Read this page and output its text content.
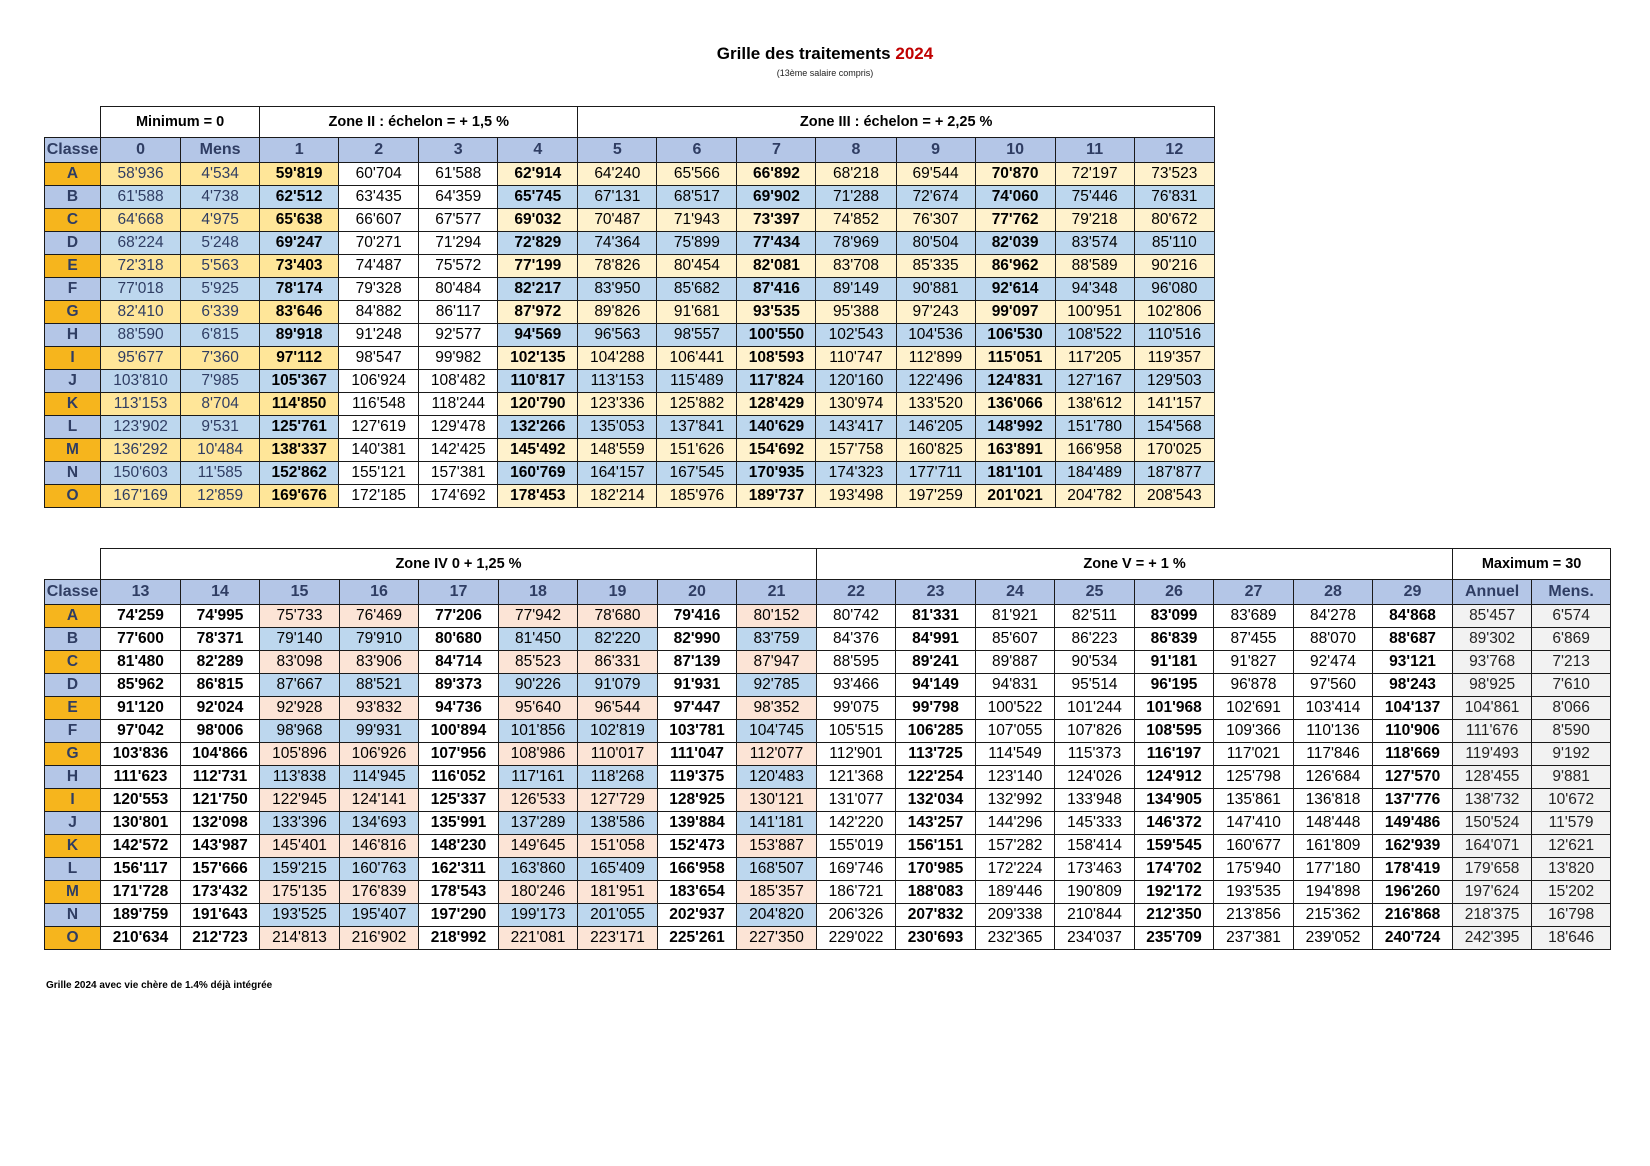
Grille des traitements 2024
(13ème salaire compris)
	Minimum = 0		Zone II : échelon = + 1,5 %				Zone III : échelon = + 2,25 %							
Classe	0	Mens	1	2	3	4	5	6	7	8	9	10	11	12
A	58'936	4'534	59'819	60'704	61'588	62'914	64'240	65'566	66'892	68'218	69'544	70'870	72'197	73'523
B	61'588	4'738	62'512	63'435	64'359	65'745	67'131	68'517	69'902	71'288	72'674	74'060	75'446	76'831
C	64'668	4'975	65'638	66'607	67'577	69'032	70'487	71'943	73'397	74'852	76'307	77'762	79'218	80'672
D	68'224	5'248	69'247	70'271	71'294	72'829	74'364	75'899	77'434	78'969	80'504	82'039	83'574	85'110
E	72'318	5'563	73'403	74'487	75'572	77'199	78'826	80'454	82'081	83'708	85'335	86'962	88'589	90'216
F	77'018	5'925	78'174	79'328	80'484	82'217	83'950	85'682	87'416	89'149	90'881	92'614	94'348	96'080
G	82'410	6'339	83'646	84'882	86'117	87'972	89'826	91'681	93'535	95'388	97'243	99'097	100'951	102'806
H	88'590	6'815	89'918	91'248	92'577	94'569	96'563	98'557	100'550	102'543	104'536	106'530	108'522	110'516
I	95'677	7'360	97'112	98'547	99'982	102'135	104'288	106'441	108'593	110'747	112'899	115'051	117'205	119'357
J	103'810	7'985	105'367	106'924	108'482	110'817	113'153	115'489	117'824	120'160	122'496	124'831	127'167	129'503
K	113'153	8'704	114'850	116'548	118'244	120'790	123'336	125'882	128'429	130'974	133'520	136'066	138'612	141'157
L	123'902	9'531	125'761	127'619	129'478	132'266	135'053	137'841	140'629	143'417	146'205	148'992	151'780	154'568
M	136'292	10'484	138'337	140'381	142'425	145'492	148'559	151'626	154'692	157'758	160'825	163'891	166'958	170'025
N	150'603	11'585	152'862	155'121	157'381	160'769	164'157	167'545	170'935	174'323	177'711	181'101	184'489	187'877
O	167'169	12'859	169'676	172'185	174'692	178'453	182'214	185'976	189'737	193'498	197'259	201'021	204'782	208'543
	Zone IV 0 + 1,25 %									Zone V = + 1 %								Maximum = 30	
Classe	13	14	15	16	17	18	19	20	21	22	23	24	25	26	27	28	29	Annuel	Mens.
A	74'259	74'995	75'733	76'469	77'206	77'942	78'680	79'416	80'152	80'742	81'331	81'921	82'511	83'099	83'689	84'278	84'868	85'457	6'574
B	77'600	78'371	79'140	79'910	80'680	81'450	82'220	82'990	83'759	84'376	84'991	85'607	86'223	86'839	87'455	88'070	88'687	89'302	6'869
C	81'480	82'289	83'098	83'906	84'714	85'523	86'331	87'139	87'947	88'595	89'241	89'887	90'534	91'181	91'827	92'474	93'121	93'768	7'213
D	85'962	86'815	87'667	88'521	89'373	90'226	91'079	91'931	92'785	93'466	94'149	94'831	95'514	96'195	96'878	97'560	98'243	98'925	7'610
E	91'120	92'024	92'928	93'832	94'736	95'640	96'544	97'447	98'352	99'075	99'798	100'522	101'244	101'968	102'691	103'414	104'137	104'861	8'066
F	97'042	98'006	98'968	99'931	100'894	101'856	102'819	103'781	104'745	105'515	106'285	107'055	107'826	108'595	109'366	110'136	110'906	111'676	8'590
G	103'836	104'866	105'896	106'926	107'956	108'986	110'017	111'047	112'077	112'901	113'725	114'549	115'373	116'197	117'021	117'846	118'669	119'493	9'192
H	111'623	112'731	113'838	114'945	116'052	117'161	118'268	119'375	120'483	121'368	122'254	123'140	124'026	124'912	125'798	126'684	127'570	128'455	9'881
I	120'553	121'750	122'945	124'141	125'337	126'533	127'729	128'925	130'121	131'077	132'034	132'992	133'948	134'905	135'861	136'818	137'776	138'732	10'672
J	130'801	132'098	133'396	134'693	135'991	137'289	138'586	139'884	141'181	142'220	143'257	144'296	145'333	146'372	147'410	148'448	149'486	150'524	11'579
K	142'572	143'987	145'401	146'816	148'230	149'645	151'058	152'473	153'887	155'019	156'151	157'282	158'414	159'545	160'677	161'809	162'939	164'071	12'621
L	156'117	157'666	159'215	160'763	162'311	163'860	165'409	166'958	168'507	169'746	170'985	172'224	173'463	174'702	175'940	177'180	178'419	179'658	13'820
M	171'728	173'432	175'135	176'839	178'543	180'246	181'951	183'654	185'357	186'721	188'083	189'446	190'809	192'172	193'535	194'898	196'260	197'624	15'202
N	189'759	191'643	193'525	195'407	197'290	199'173	201'055	202'937	204'820	206'326	207'832	209'338	210'844	212'350	213'856	215'362	216'868	218'375	16'798
O	210'634	212'723	214'813	216'902	218'992	221'081	223'171	225'261	227'350	229'022	230'693	232'365	234'037	235'709	237'381	239'052	240'724	242'395	18'646
Grille 2024 avec vie chère de 1.4% déjà intégrée
